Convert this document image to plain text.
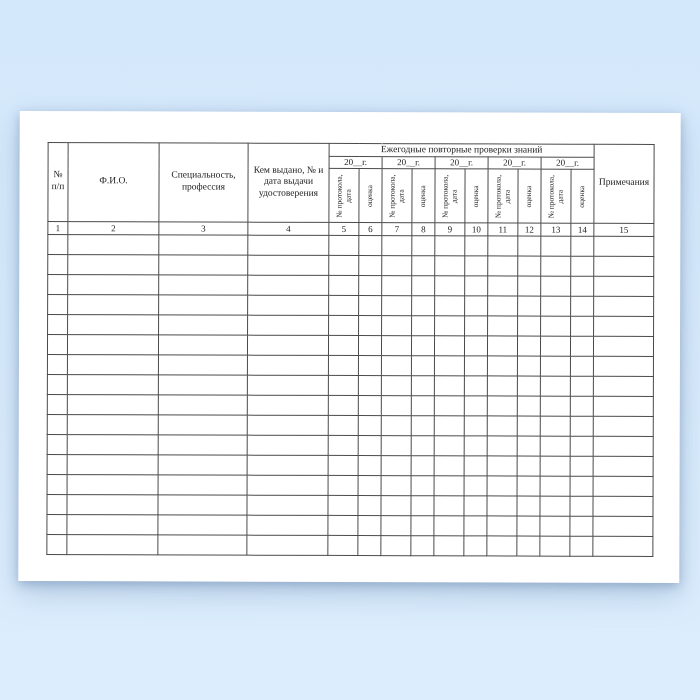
№ п/п	Ф.И.О.	Специальность, профессия	Кем выдано, № и дата выдачи удостоверения	Ежегодные повторные проверки знаний										Примечания
				20__г.		20__г.		20__г.		20__г.		20__г.		

				№ протокола, дата	оценка	№ протокола, дата	оценка	№ протокола, дата	оценка	№ протокола, дата	оценка	№ протокола, дата	оценка	

1	2	3	4	5	6	7	8	9	10	11	12	13	14	15
